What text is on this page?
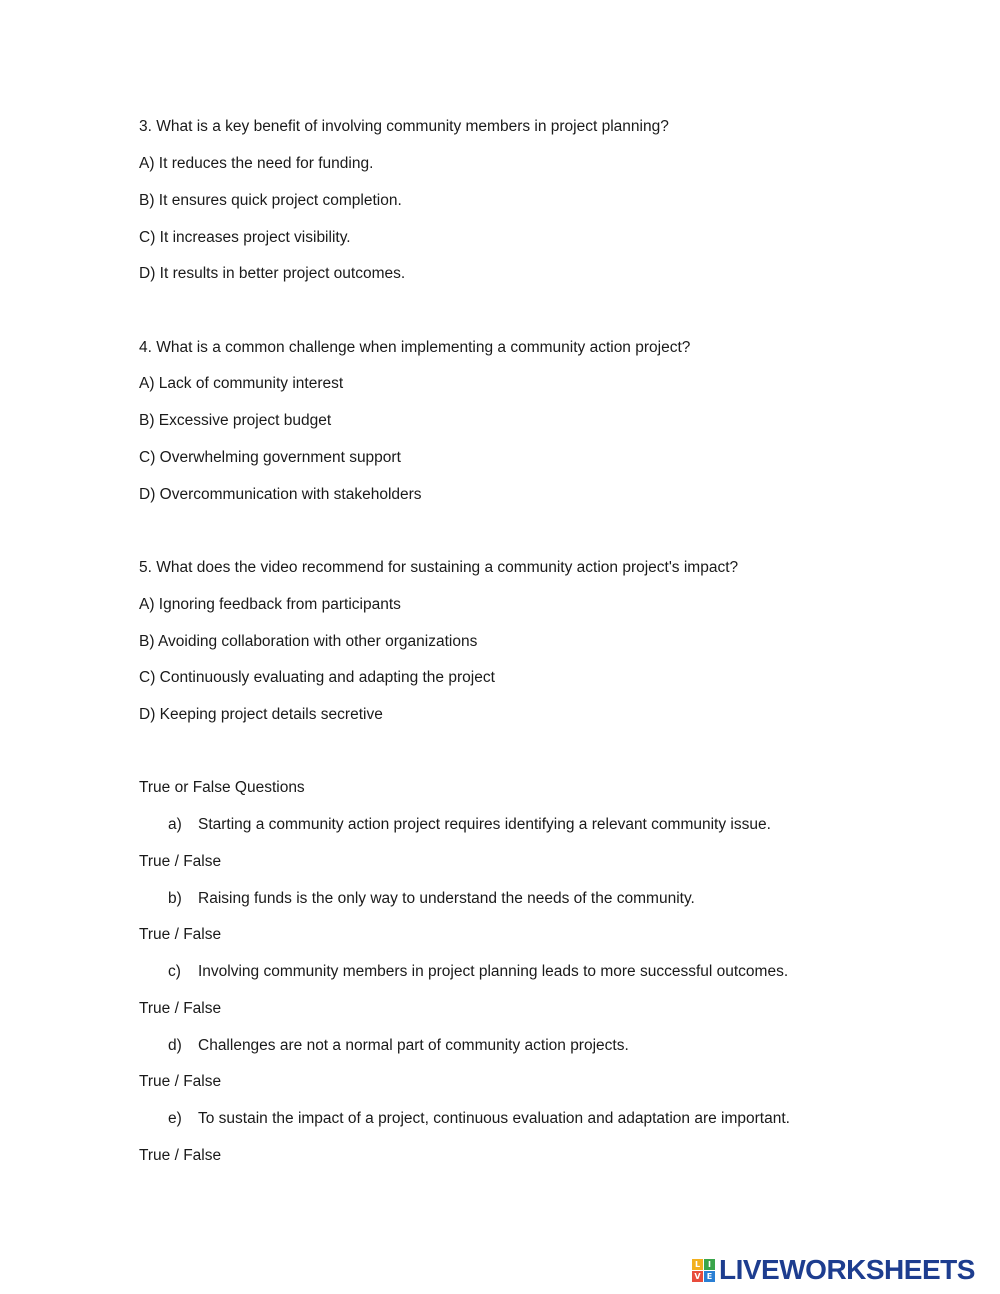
3. What is a key benefit of involving community members in project planning?
A) It reduces the need for funding.
B) It ensures quick project completion.
C) It increases project visibility.
D) It results in better project outcomes.
4. What is a common challenge when implementing a community action project?
A) Lack of community interest
B) Excessive project budget
C) Overwhelming government support
D) Overcommunication with stakeholders
5. What does the video recommend for sustaining a community action project's impact?
A) Ignoring feedback from participants
B) Avoiding collaboration with other organizations
C) Continuously evaluating and adapting the project
D) Keeping project details secretive
True or False Questions
a) Starting a community action project requires identifying a relevant community issue.
True / False
b) Raising funds is the only way to understand the needs of the community.
True / False
c) Involving community members in project planning leads to more successful outcomes.
True / False
d) Challenges are not a normal part of community action projects.
True / False
e) To sustain the impact of a project, continuous evaluation and adaptation are important.
True / False
L I
V E LIVEWORKSHEETS
